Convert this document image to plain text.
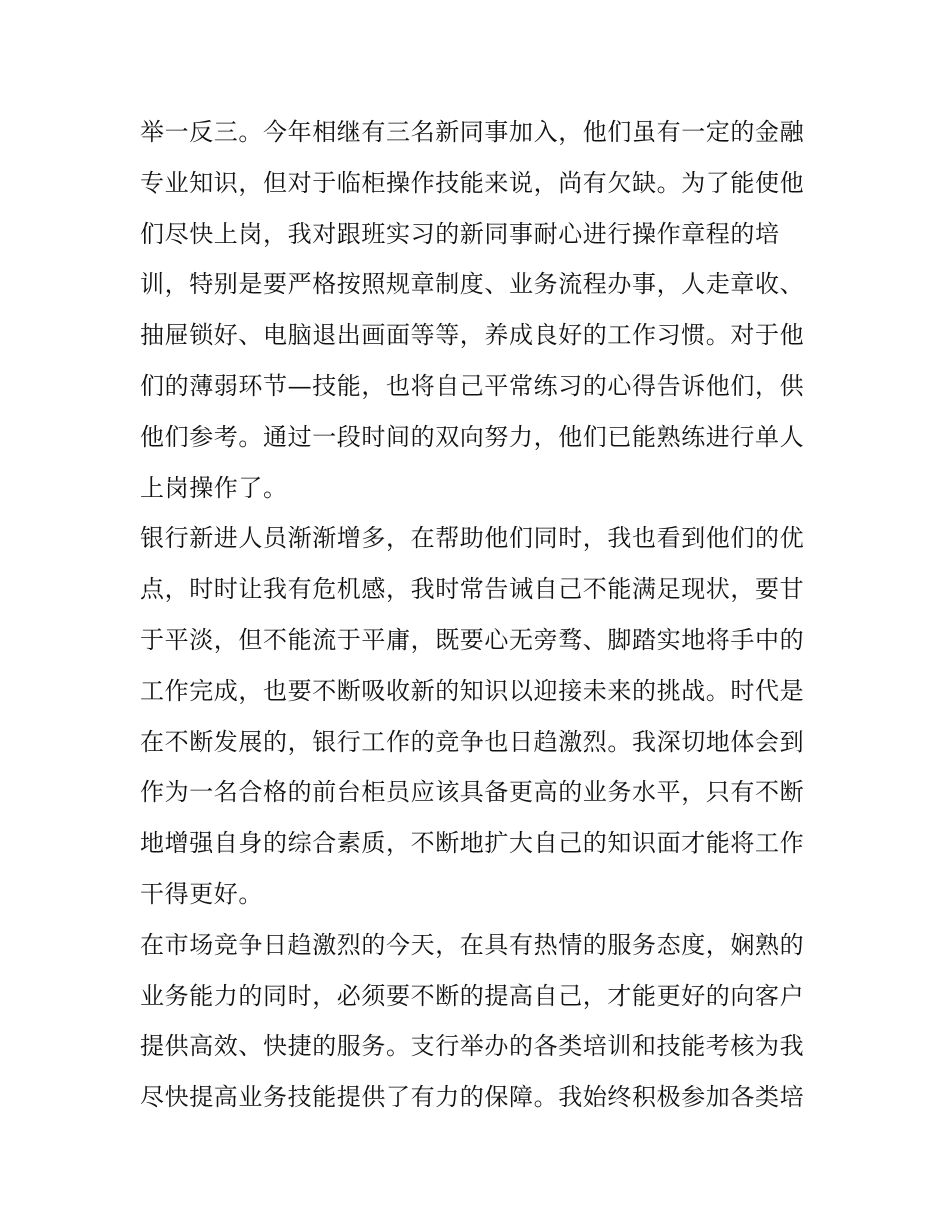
举一反三。今年相继有三名新同事加入，他们虽有一定的金融
专业知识，但对于临柜操作技能来说，尚有欠缺。为了能使他
们尽快上岗，我对跟班实习的新同事耐心进行操作章程的培
训，特别是要严格按照规章制度、业务流程办事，人走章收、
抽屉锁好、电脑退出画面等等，养成良好的工作习惯。对于他
们的薄弱环节—技能，也将自己平常练习的心得告诉他们，供
他们参考。通过一段时间的双向努力，他们已能熟练进行单人
上岗操作了。
银行新进人员渐渐增多，在帮助他们同时，我也看到他们的优
点，时时让我有危机感，我时常告诫自己不能满足现状，要甘
于平淡，但不能流于平庸，既要心无旁骛、脚踏实地将手中的
工作完成，也要不断吸收新的知识以迎接未来的挑战。时代是
在不断发展的，银行工作的竞争也日趋激烈。我深切地体会到
作为一名合格的前台柜员应该具备更高的业务水平，只有不断
地增强自身的综合素质，不断地扩大自己的知识面才能将工作
干得更好。
在市场竞争日趋激烈的今天，在具有热情的服务态度，娴熟的
业务能力的同时，必须要不断的提高自己，才能更好的向客户
提供高效、快捷的服务。支行举办的各类培训和技能考核为我
尽快提高业务技能提供了有力的保障。我始终积极参加各类培
